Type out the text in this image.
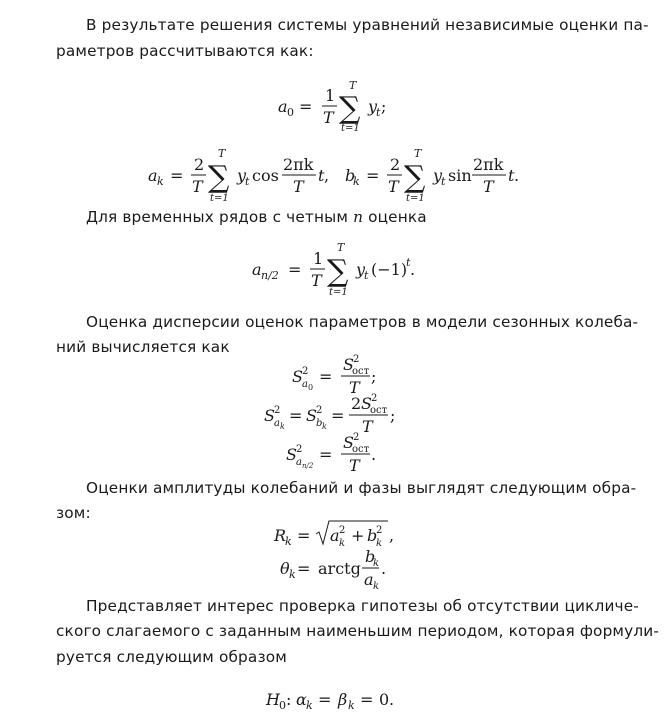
В результате решения системы уравнений независимые оценки па-
раметров рассчитываются как:
a 0 =
1
T
T
∑
t=1
y
t ;
a k =
2
T
T
∑
t=1
y
t cos
2πk
T
t , b
k =
2
T
T
∑
t=1
y
t sin
2πk
T
t .
Для временных рядов с четным n оценка
a n/2 =
1
T
T
∑
t=1
y
t (−1)
t .
Оценка дисперсии оценок параметров в модели сезонных колеба-
ний вычисляется как
S 2
a 0
=
S 2
ост
T
;
S 2
a k
= S 2
b k
=
2 S 2
ост
T
;
S 2
a n/2
=
S 2
ост
T
.
Оценки амплитуды колебаний и фазы выглядят следующим обра-
зом:
R
k = a 2
k + b
2
k ,
θ k = arctg
b
k
a k
.
Представляет интерес проверка гипотезы об отсутствии цикличе-
ского слагаемого с заданным наименьшим периодом, которая формули-
руется следующим образом
H 0 : α k = β k = 0 .
